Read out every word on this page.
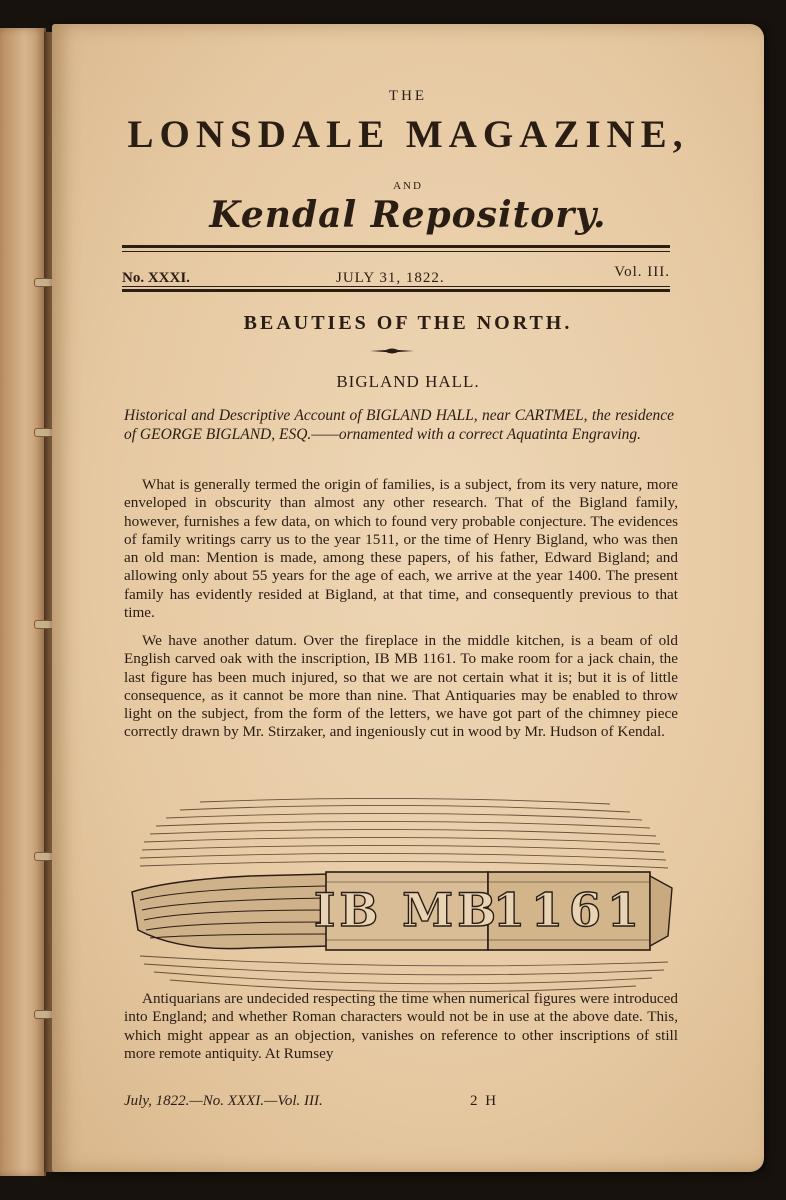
THE
LONSDALE MAGAZINE,
AND
Kendal Repository.
No. XXXI.	JULY 31, 1822.	Vol. III.
BEAUTIES OF THE NORTH.
BIGLAND HALL.
Historical and Descriptive Account of BIGLAND HALL, near CARTMEL, the residence of GEORGE BIGLAND, ESQ.——ornamented with a correct Aquatinta Engraving.

What is generally termed the origin of families, is a subject, from its very nature, more enveloped in obscurity than almost any other research. That of the Bigland family, however, furnishes a few data, on which to found very probable conjecture. The evidences of family writings carry us to the year 1511, or the time of Henry Bigland, who was then an old man: Mention is made, among these papers, of his father, Edward Bigland; and allowing only about 55 years for the age of each, we arrive at the year 1400. The present family has evidently resided at Bigland, at that time, and consequently previous to that time.

We have another datum. Over the fireplace in the middle kitchen, is a beam of old English carved oak with the inscription, IB MB 1161. To make room for a jack chain, the last figure has been much injured, so that we are not certain what it is; but it is of little consequence, as it cannot be more than nine. That Antiquaries may be enabled to throw light on the subject, from the form of the letters, we have got part of the chimney piece correctly drawn by Mr. Stirzaker, and ingeniously cut in wood by Mr. Hudson of Kendal.

IB MB
1161

Antiquarians are undecided respecting the time when numerical figures were introduced into England; and whether Roman characters would not be in use at the above date. This, which might appear as an objection, vanishes on reference to other inscriptions of still more remote antiquity. At Rumsey

July, 1822.—No. XXXI.—Vol. III.	2 H
